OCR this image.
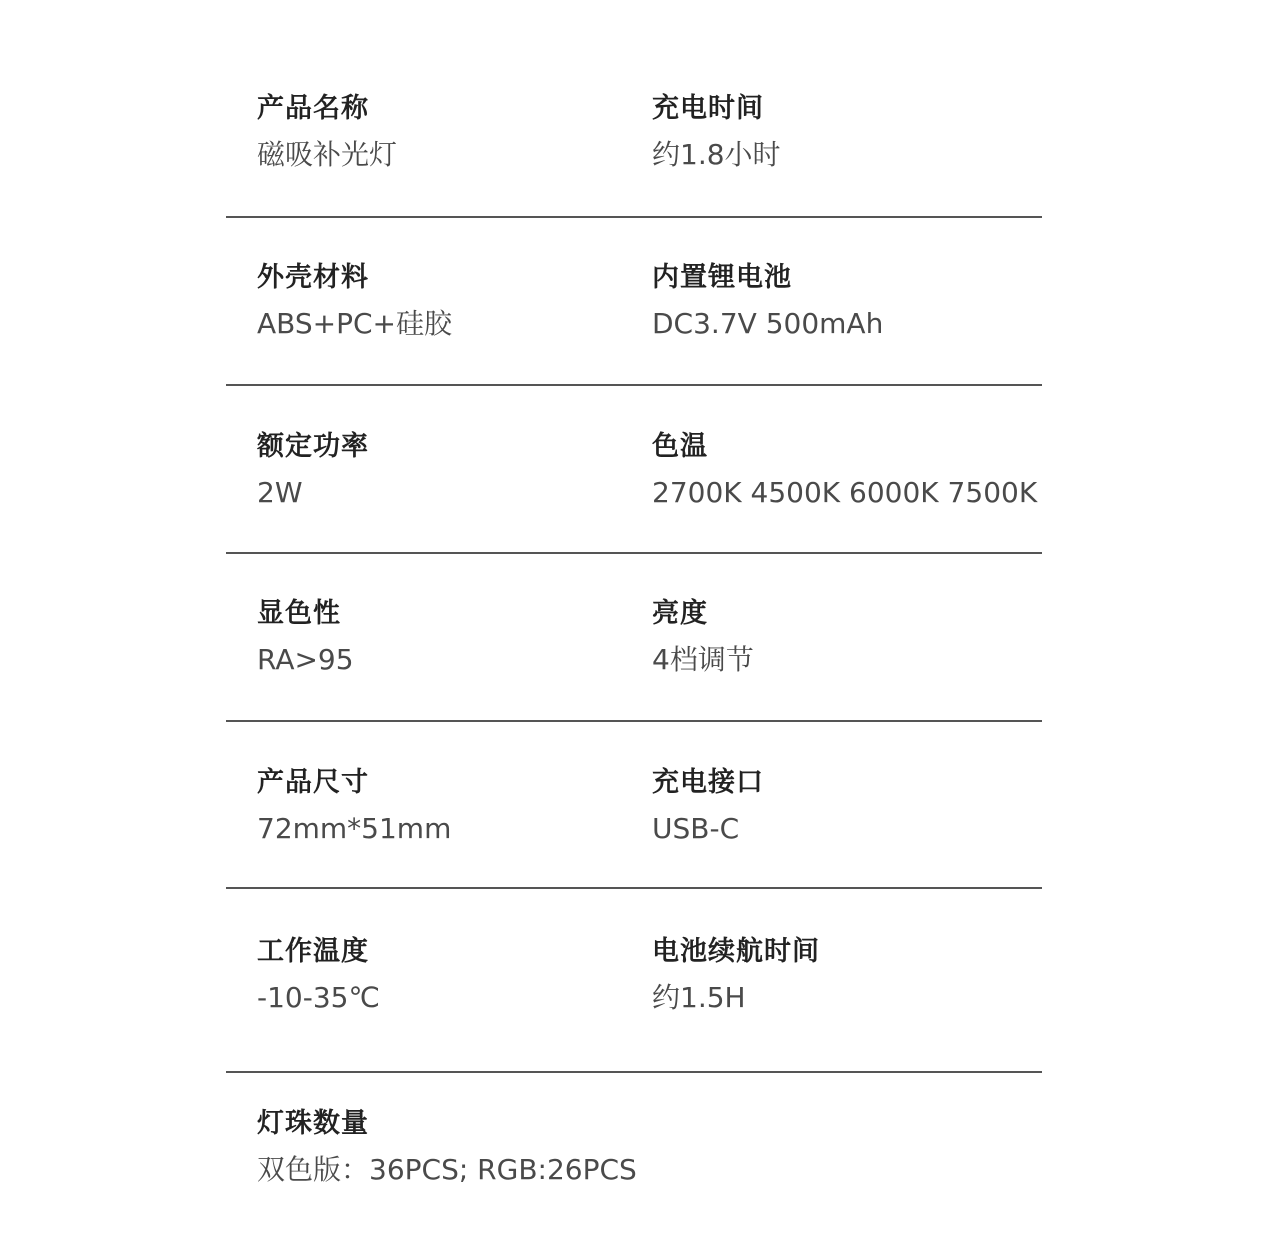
产品名称
磁吸补光灯
充电时间
约1.8小时
外壳材料
ABS+PC+硅胶
内置锂电池
DC3.7V 500mAh
额定功率
2W
色温
2700K 4500K 6000K 7500K
显色性
RA>95
亮度
4档调节
产品尺寸
72mm*51mm
充电接口
USB-C
工作温度
-10-35℃
电池续航时间
约1.5H
灯珠数量
双色版：36PCS; RGB:26PCS
